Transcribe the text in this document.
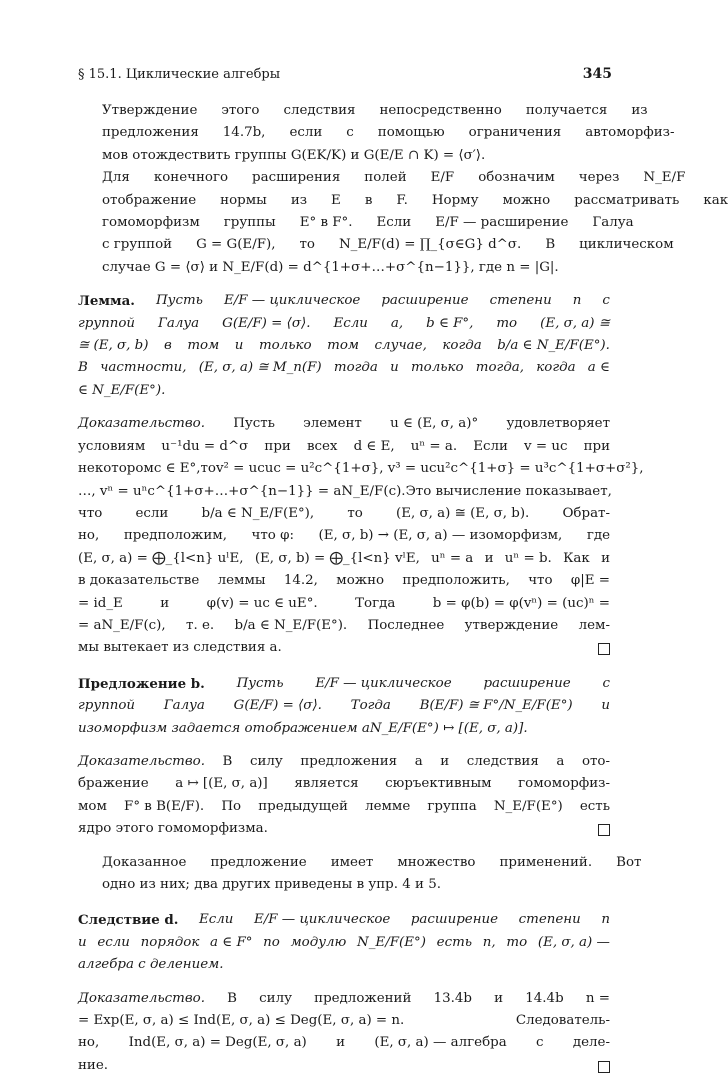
§ 15.1. Циклические алгебры	345

Утверждение	этого	следствия	непосредственно	получается	из
предложения	14.7b,	если	с	помощью	ограничения	автоморфиз-
мов отождествить группы G(EK/K) и G(E/E ∩ K) = ⟨σ′⟩.

Для	конечного	расширения	полей	E/F	обозначим	через	N_E/F
отображение	нормы	из	E	в	F.	Норму	можно	рассматривать	как
гомоморфизм	группы	E° в F°.	Если	E/F — расширение	Галуа
с группой	G = G(E/F),	то	N_E/F(d) = ∏_{σ∈G} d^σ.	В	циклическом
случае G = ⟨σ⟩ и N_E/F(d) = d^{1+σ+…+σ^{n−1}}, где n = |G|.

Лемма. Пусть E/F — циклическое расширение степени n с
группой Галуа G(E/F) = ⟨σ⟩. Если a, b ∈ F°, то (E, σ, a) ≅
≅ (E, σ, b) в том и только том случае, когда b/a ∈ N_E/F(E°).
В частности, (E, σ, a) ≅ M_n(F) тогда и только тогда, когда a ∈
∈ N_E/F(E°).

Доказательство. Пусть элемент u ∈ (E, σ, a)° удовлетворяет
условиям u⁻¹du = d^σ при всех d ∈ E, uⁿ = a. Если v = uc при
некотором c ∈ E°, то v² = ucuc = u²c^{1+σ}, v³ = ucu²c^{1+σ} = u³c^{1+σ+σ²},
…, vⁿ = uⁿc^{1+σ+…+σ^{n−1}} = aN_E/F(c). Это вычисление показывает,
что если b/a ∈ N_E/F(E°), то (E, σ, a) ≅ (E, σ, b). Обрат-
но, предположим, что φ: (E, σ, b) → (E, σ, a) — изоморфизм, где
(E, σ, a) = ⨁_{l<n} uˡE, (E, σ, b) = ⨁_{l<n} vˡE, uⁿ = a и uⁿ = b. Как и
в доказательстве леммы 14.2, можно предположить, что φ|E =
= id_E	и	φ(v) = uc ∈ uE°.	Тогда	b = φ(b) = φ(vⁿ) = (uc)ⁿ =
= aN_E/F(c), т. е. b/a ∈ N_E/F(E°). Последнее утверждение лем-
мы вытекает из следствия a.

Предложение b. Пусть E/F — циклическое расширение с
группой Галуа G(E/F) = ⟨σ⟩. Тогда B(E/F) ≅ F°/N_E/F(E°) и
изоморфизм задается отображением aN_E/F(E°) ↦ [(E, σ, a)].

Доказательство. В силу предложения a и следствия a ото-
бражение a ↦ [(E, σ, a)] является сюръективным гомоморфиз-
мом F° в B(E/F). По предыдущей лемме группа N_E/F(E°) есть
ядро этого гомоморфизма.

Доказанное	предложение	имеет	множество	применений.	Вот
одно из них; два других приведены в упр. 4 и 5.

Следствие d. Если E/F — циклическое расширение степени n
и если порядок a ∈ F° по модулю N_E/F(E°) есть n, то (E, σ, a) —
алгебра с делением.

Доказательство. В силу предложений 13.4b и 14.4b n =
= Exp(E, σ, a) ≤ Ind(E, σ, a) ≤ Deg(E, σ, a) = n.	Следователь-
но, Ind(E, σ, a) = Deg(E, σ, a) и (E, σ, a) — алгебра с деле-
ние.
